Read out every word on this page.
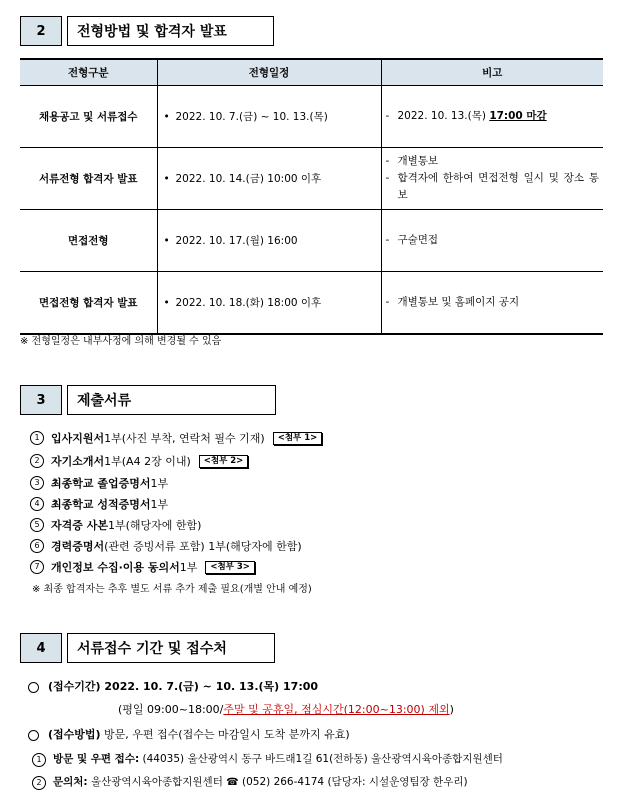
2	전형방법 및 합격자 발표
전형구분	전형일정	비고
채용공고 및 서류접수	• 2022. 10. 7.(금) ~ 10. 13.(목)	- 2022. 10. 13.(목) 17:00 마감

서류전형 합격자 발표	• 2022. 10. 14.(금) 10:00 이후	- 개별통보
- 합격자에 한하여 면접전형 일시 및 장소 통보

면접전형	• 2022. 10. 17.(월) 16:00	- 구술면접

면접전형 합격자 발표	• 2022. 10. 18.(화) 18:00 이후	- 개별통보 및 홈페이지 공지
※ 전형일정은 내부사정에 의해 변경될 수 있음
3	제출서류
1	입사지원서 1부(사진 부착, 연락처 필수 기재)	<첨부 1>
2	자기소개서 1부(A4 2장 이내)	<첨부 2>
3	최종학교 졸업증명서 1부
4	최종학교 성적증명서 1부
5	자격증 사본 1부(해당자에 한함)
6	경력증명서 (관련 증빙서류 포함) 1부(해당자에 한함)
7	개인정보 수집·이용 동의서 1부	<첨부 3>
※ 최종 합격자는 추후 별도 서류 추가 제출 필요(개별 안내 예정)
4	서류접수 기간 및 접수처
(접수기간) 2022. 10. 7.(금) ~ 10. 13.(목) 17:00
(평일 09:00~18:00/주말 및 공휴일, 점심시간(12:00~13:00) 제외)
(접수방법) 방문, 우편 접수(접수는 마감일시 도착 분까지 유효)
1 방문 및 우편 접수: (44035) 울산광역시 동구 바드래1길 61(전하동) 울산광역시육아종합지원센터
2 문의처: 울산광역시육아종합지원센터 ☎ (052) 266-4174 (담당자: 시설운영팀장 한우리)
